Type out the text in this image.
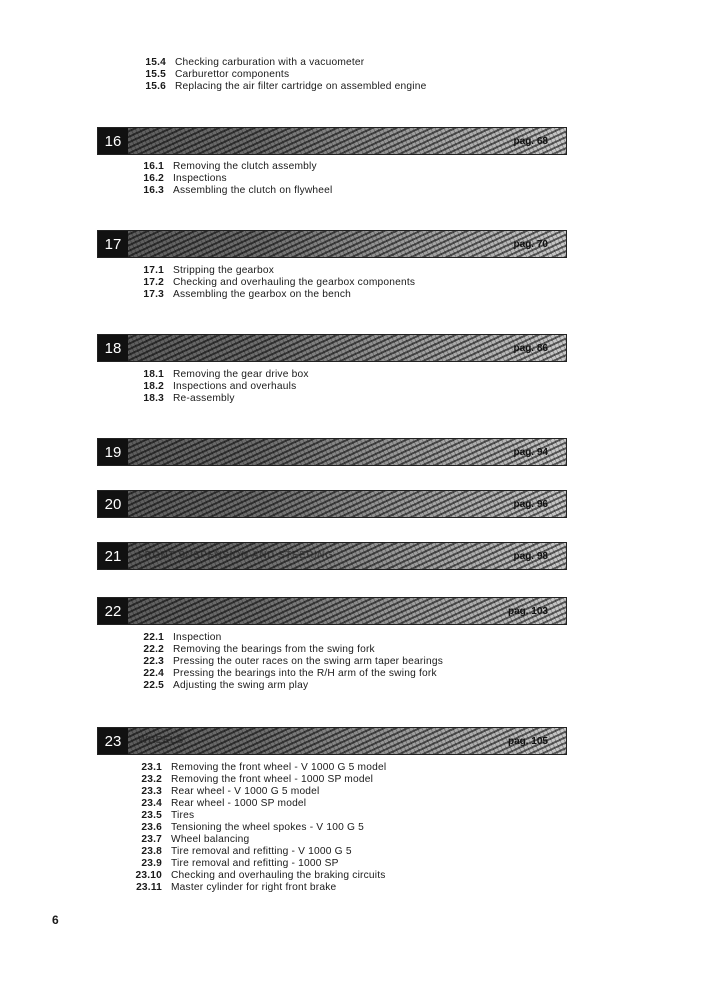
15.4 Checking carburation with a vacuometer
15.5 Carburettor components
15.6 Replacing the air filter cartridge on assembled engine
16	pag. 68
16.1 Removing the clutch assembly
16.2 Inspections
16.3 Assembling the clutch on flywheel
17	pag. 70
17.1 Stripping the gearbox
17.2 Checking and overhauling the gearbox components
17.3 Assembling the gearbox on the bench
18	pag. 86
18.1 Removing the gear drive box
18.2 Inspections and overhauls
18.3 Re-assembly
19	pag. 94
20	pag. 96
21	FRONT SUSPENSION AND STEERING	pag. 98
22	pag. 103
22.1 Inspection
22.2 Removing the bearings from the swing fork
22.3 Pressing the outer races on the swing arm taper bearings
22.4 Pressing the bearings into the R/H arm of the swing fork
22.5 Adjusting the swing arm play
23	WHEELS	pag. 105
23.1 Removing the front wheel - V 1000 G 5 model
23.2 Removing the front wheel - 1000 SP model
23.3 Rear wheel - V 1000 G 5 model
23.4 Rear wheel - 1000 SP model
23.5 Tires
23.6 Tensioning the wheel spokes - V 100 G 5
23.7 Wheel balancing
23.8 Tire removal and refitting - V 1000 G 5
23.9 Tire removal and refitting - 1000 SP
23.10 Checking and overhauling the braking circuits
23.11 Master cylinder for right front brake
6
